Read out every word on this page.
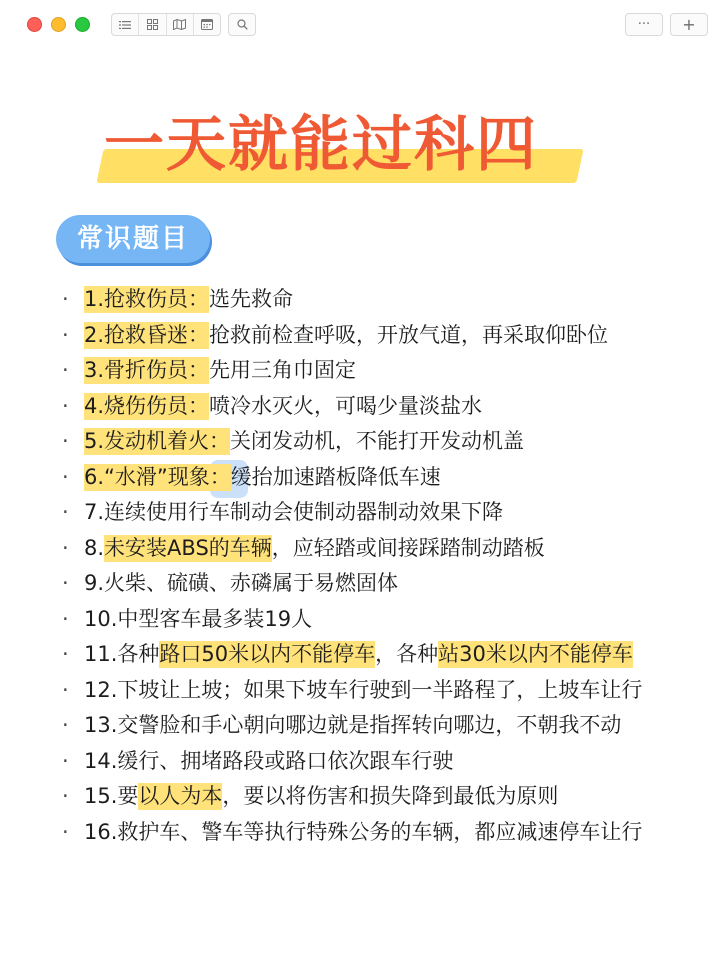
···	+
一天就能过科四
常识题目
· 1.抢救伤员：选先救命
· 2.抢救昏迷：抢救前检查呼吸，开放气道，再采取仰卧位
· 3.骨折伤员：先用三角巾固定
· 4.烧伤伤员：喷冷水灭火，可喝少量淡盐水
· 5.发动机着火：关闭发动机，不能打开发动机盖
· 6.“水滑”现象：缓抬加速踏板降低车速
· 7.连续使用行车制动会使制动器制动效果下降
· 8.未安装ABS的车辆，应轻踏或间接踩踏制动踏板
· 9.火柴、硫磺、赤磷属于易燃固体
· 10.中型客车最多装19人
· 11.各种路口50米以内不能停车，各种站30米以内不能停车
· 12.下坡让上坡；如果下坡车行驶到一半路程了，上坡车让行
· 13.交警脸和手心朝向哪边就是指挥转向哪边，不朝我不动
· 14.缓行、拥堵路段或路口依次跟车行驶
· 15.要以人为本，要以将伤害和损失降到最低为原则
· 16.救护车、警车等执行特殊公务的车辆，都应减速停车让行
